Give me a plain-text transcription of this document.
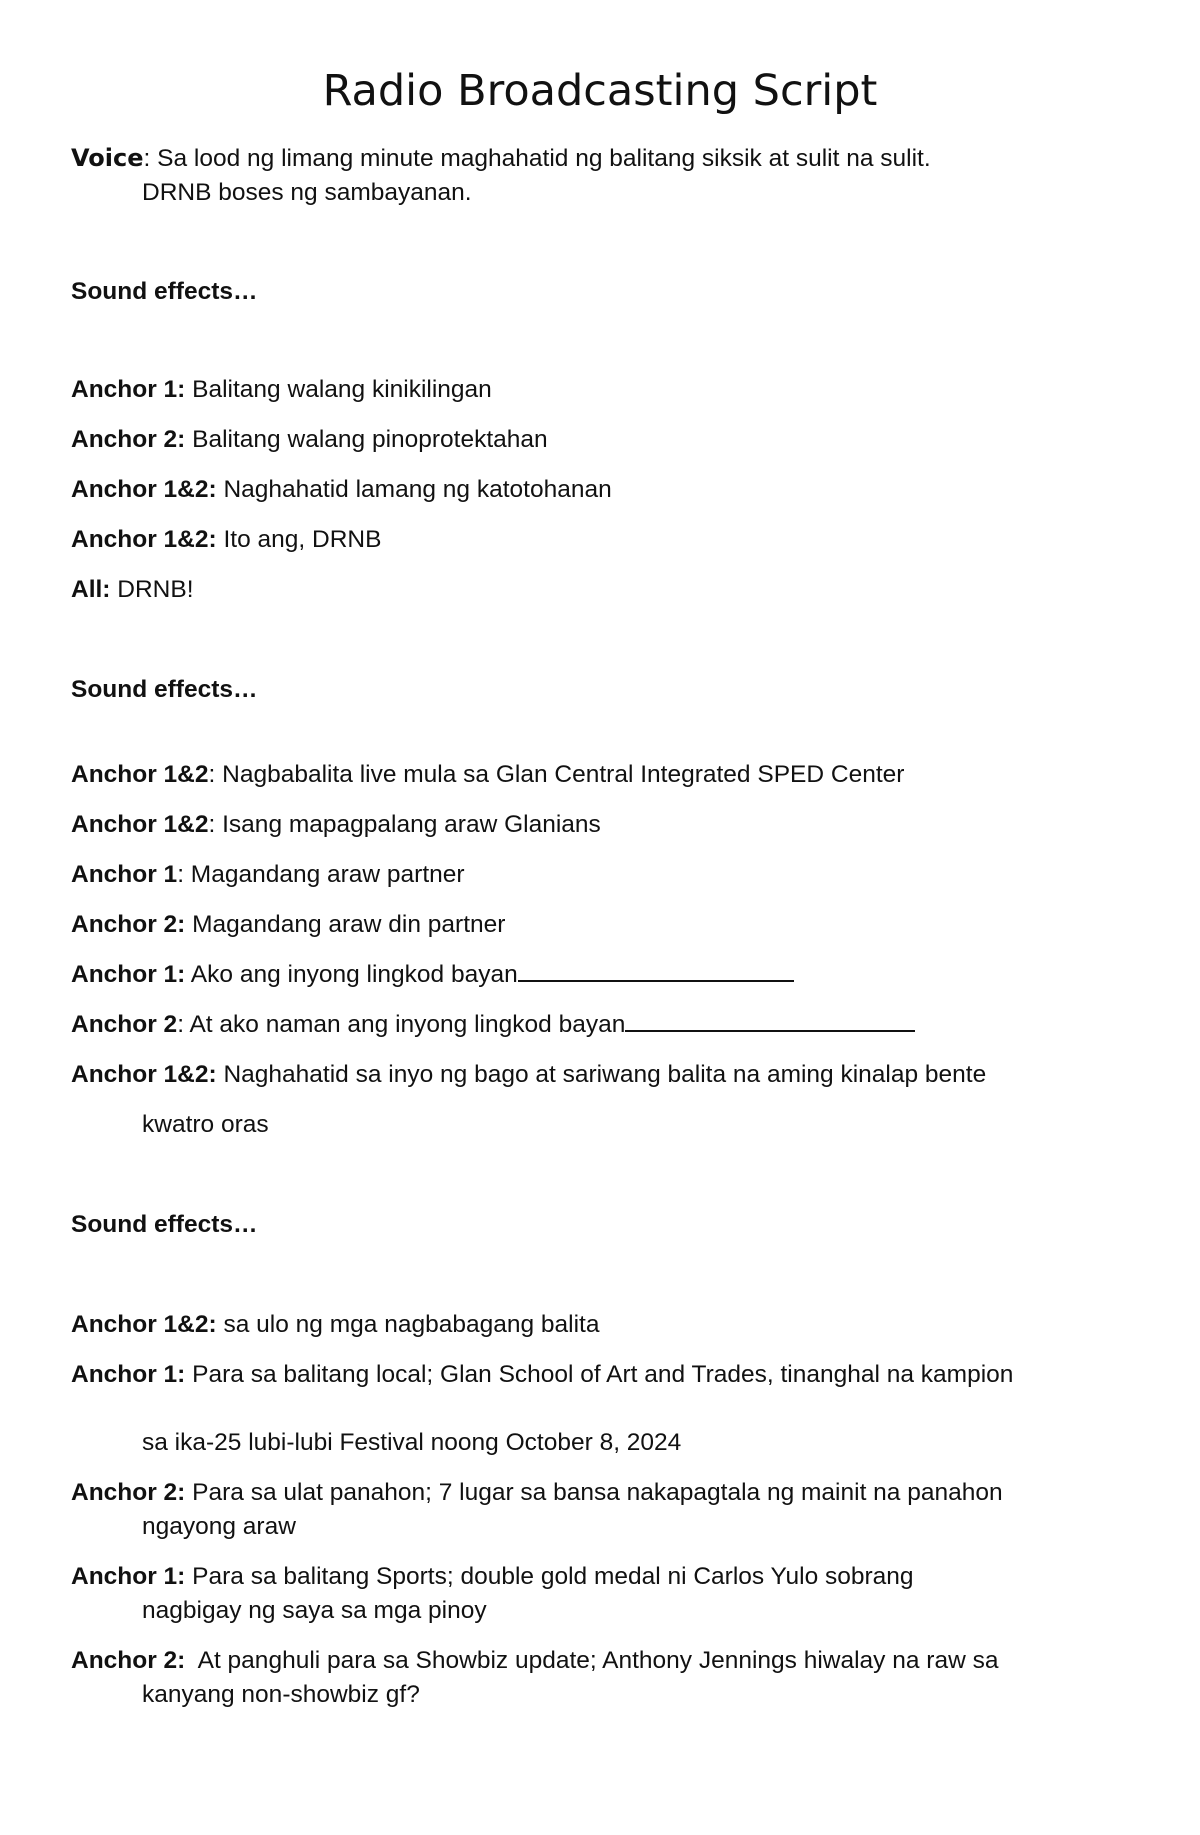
Radio Broadcasting Script
Voice: Sa lood ng limang minute maghahatid ng balitang siksik at sulit na sulit.
DRNB boses ng sambayanan.
Sound effects…
Anchor 1: Balitang walang kinikilingan
Anchor 2: Balitang walang pinoprotektahan
Anchor 1&2: Naghahatid lamang ng katotohanan
Anchor 1&2: Ito ang, DRNB
All: DRNB!
Sound effects…
Anchor 1&2: Nagbabalita live mula sa Glan Central Integrated SPED Center
Anchor 1&2: Isang mapagpalang araw Glanians
Anchor 1: Magandang araw partner
Anchor 2: Magandang araw din partner
Anchor 1: Ako ang inyong lingkod bayan
Anchor 2: At ako naman ang inyong lingkod bayan
Anchor 1&2: Naghahatid sa inyo ng bago at sariwang balita na aming kinalap bente
kwatro oras
Sound effects…
Anchor 1&2: sa ulo ng mga nagbabagang balita
Anchor 1: Para sa balitang local; Glan School of Art and Trades, tinanghal na kampion
sa ika-25 lubi-lubi Festival noong October 8, 2024
Anchor 2: Para sa ulat panahon; 7 lugar sa bansa nakapagtala ng mainit na panahon
ngayong araw
Anchor 1: Para sa balitang Sports; double gold medal ni Carlos Yulo sobrang
nagbigay ng saya sa mga pinoy
Anchor 2:  At panghuli para sa Showbiz update; Anthony Jennings hiwalay na raw sa
kanyang non-showbiz gf?
